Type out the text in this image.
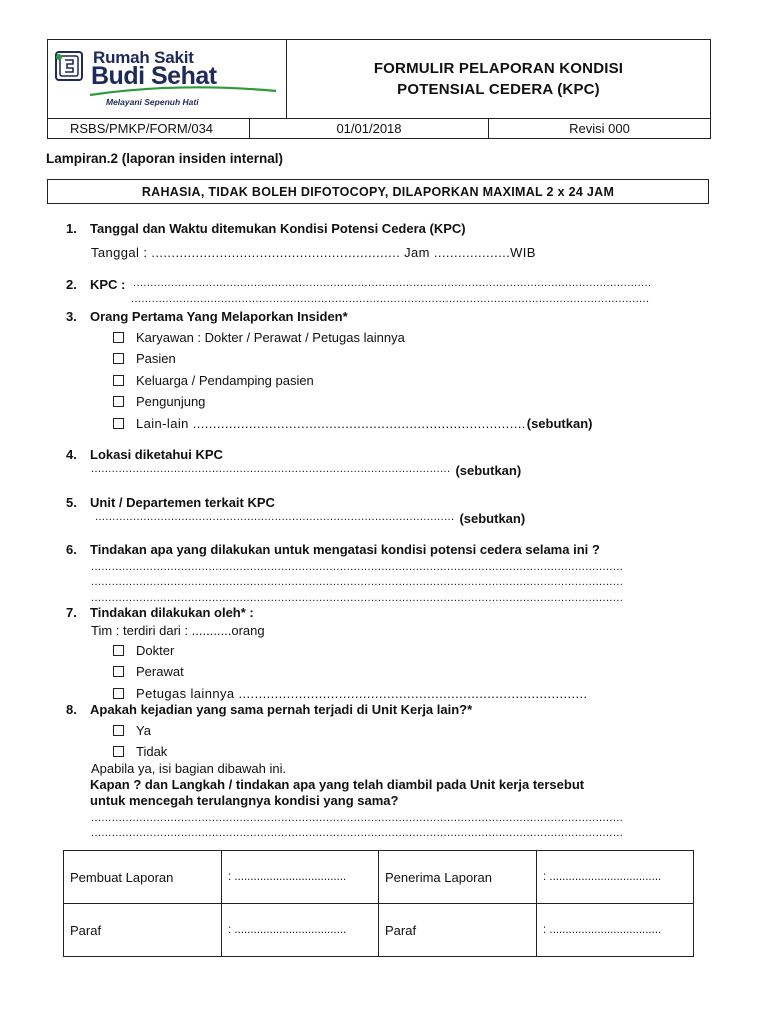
Rumah Sakit
Budi Sehat
Melayani Sepenuh Hati
FORMULIR PELAPORAN KONDISI
POTENSIAL CEDERA (KPC)
RSBS/PMKP/FORM/034	01/01/2018	Revisi 000
Lampiran.2 (laporan insiden internal)
RAHASIA, TIDAK BOLEH DIFOTOCOPY, DILAPORKAN MAXIMAL 2 x 24 JAM
1.	Tanggal dan Waktu ditemukan Kondisi Potensi Cedera (KPC)
Tanggal : .............................................................. Jam ...................WIB
2.	KPC : ......................................................................................................................................................
......................................................................................................................................................
3.	Orang Pertama Yang Melaporkan Insiden*
Karyawan : Dokter / Perawat / Petugas lainnya
Pasien
Keluarga / Pendamping pasien
Pengunjung
Lain-lain ................................................................................... (sebutkan)
4.	Lokasi diketahui KPC
........................................................................................................ (sebutkan)
5.	Unit / Departemen terkait KPC
........................................................................................................ (sebutkan)
6.	Tindakan apa yang dilakukan untuk mengatasi kondisi potensi cedera selama ini ?
..........................................................................................................................................................
..........................................................................................................................................................
..........................................................................................................................................................
7.	Tindakan dilakukan oleh* :
Tim : terdiri dari : ...........orang
Dokter
Perawat
Petugas lainnya .......................................................................................
8.	Apakah kejadian yang sama pernah terjadi di Unit Kerja lain?*
Ya
Tidak
Apabila ya, isi bagian dibawah ini.
Kapan ? dan Langkah / tindakan apa yang telah diambil pada Unit kerja tersebut
untuk mencegah terulangnya kondisi yang sama?
..........................................................................................................................................................
..........................................................................................................................................................
Pembuat Laporan	: ...................................	Penerima Laporan	: ...................................
Paraf	: ...................................	Paraf	: ...................................
